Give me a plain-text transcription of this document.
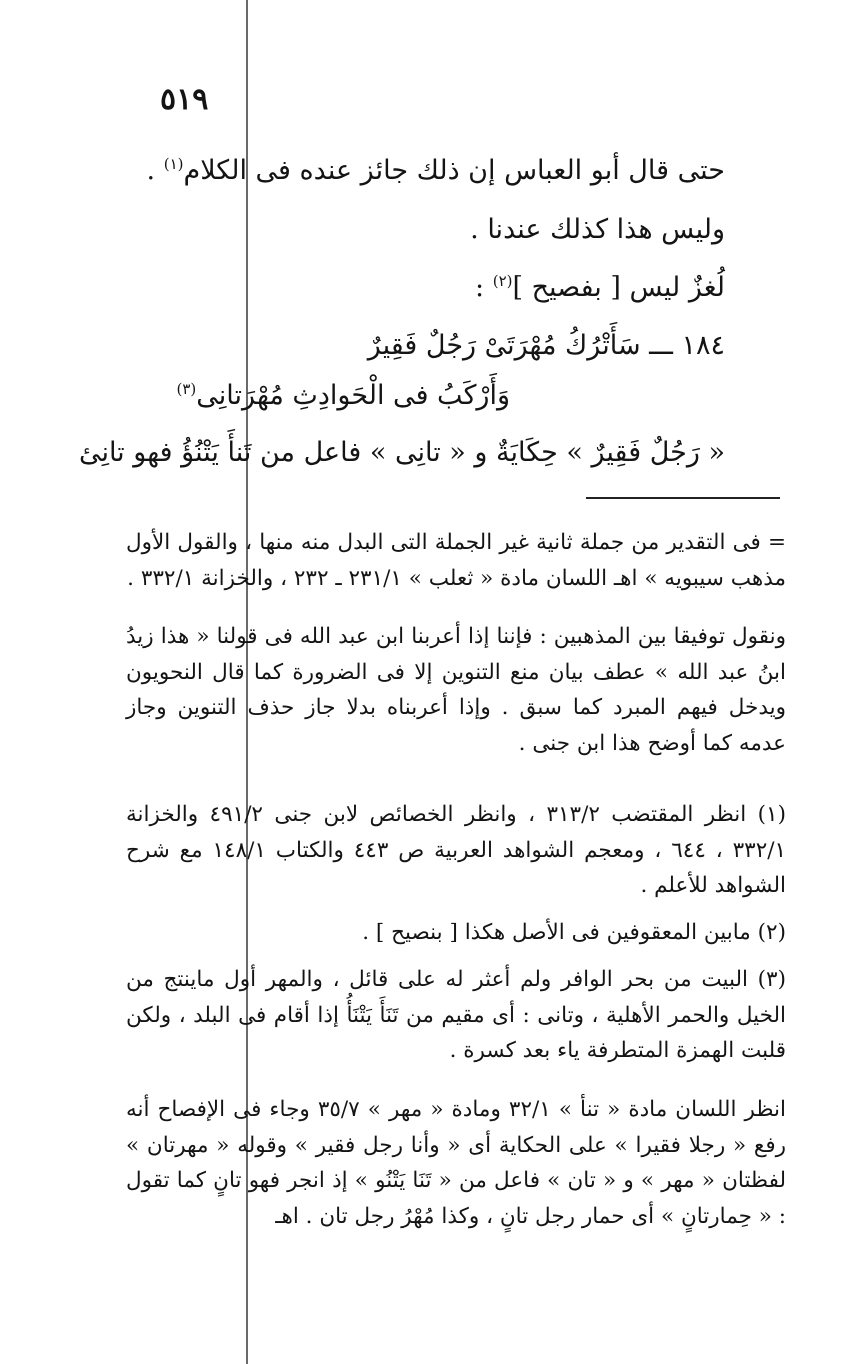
٥١٩
حتى قال أبو العباس إن ذلك جائز عنده فى الكلام$^{(١)}$ .
وليس هذا كذلك عندنا .
لُغزٌ ليس [ بفصيح ]$^{(٢)}$ :
١٨٤ ـــ سَأَتْرُكُ مُهْرَتَىْ رَجُلٌ فَقِيرٌ
وَأَرْكَبُ فى الْحَوادِثِ مُهْرَتانِى$^{(٣)}$
« رَجُلٌ فَقِيرٌ » حِكَايَةٌ و « تانِى » فاعل من تَنأَ يَتْنُؤُ فهو تانِئ
= فى التقدير من جملة ثانية غير الجملة التى البدل منه منها ، والقول الأول مذهب سيبويه » اهـ اللسان مادة « ثعلب » ٢٣١/١ ـ ٢٣٢ ، والخزانة ٣٣٢/١ .
ونقول توفيقا بين المذهبين : فإننا إذا أعربنا ابن عبد الله فى قولنا « هذا زيدُ ابنُ عبد الله » عطف بيان منع التنوين إلا فى الضرورة كما قال النحويون ويدخل فيهم المبرد كما سبق . وإذا أعربناه بدلا جاز حذف التنوين وجاز عدمه كما أوضح هذا ابن جنى .
(١) انظر المقتضب ٣١٣/٢ ، وانظر الخصائص لابن جنى ٤٩١/٢ والخزانة ٣٣٢/١ ، ٦٤٤ ، ومعجم الشواهد العربية ص ٤٤٣ والكتاب ١٤٨/١ مع شرح الشواهد للأعلم .
(٢) مابين المعقوفين فى الأصل هكذا [ بنصيح ] .
(٣) البيت من بحر الوافر ولم أعثر له على قائل ، والمهر أول ماينتج من الخيل والحمر الأهلية ، وتانى : أى مقيم من تَنَأَ يَتْنَأُ إذا أقام فى البلد ، ولكن قلبت الهمزة المتطرفة ياء بعد كسرة .
انظر اللسان مادة « تنأ » ٣٢/١ ومادة « مهر » ٣٥/٧ وجاء فى الإفصاح أنه رفع « رجلا فقيرا » على الحكاية أى « وأنا رجل فقير » وقوله « مهرتان » لفظتان « مهر » و « تان » فاعل من « تَنَا يَتْنُو » إذ انجر فهو تانٍ كما تقول : « حِمارتانٍ » أى حمار رجل تانٍ ، وكذا مُهْرُ رجل تان . اهـ
